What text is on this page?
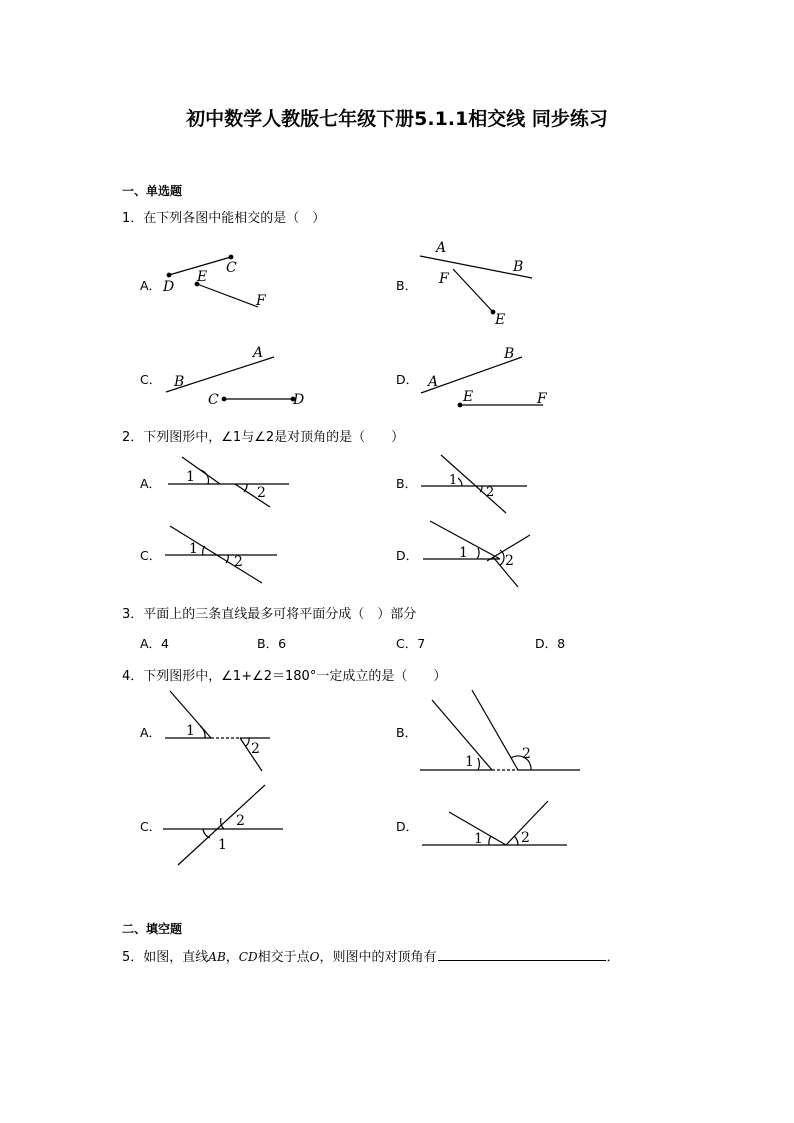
初中数学人教版七年级下册5.1.1相交线 同步练习
一、单选题
1．在下列各图中能相交的是（　）
A．	B．
C．	D．
2．下列图形中，∠1与∠2是对顶角的是（　　）
A．	B．
C．	D．
3．平面上的三条直线最多可将平面分成（　）部分
A．4	B．6	C．7	D．8
4．下列图形中，∠1+∠2＝180°一定成立的是（　　）
A．	B．
C．	D．
二、填空题
5．如图，直线AB，CD相交于点O，则图中的对顶角有	．
D
C
E
F
A
B
F
E
A
B
C	D
A
B
E	F
1
2
1
2
1
2
1	2
1
2
1	2
2
1	1	2
